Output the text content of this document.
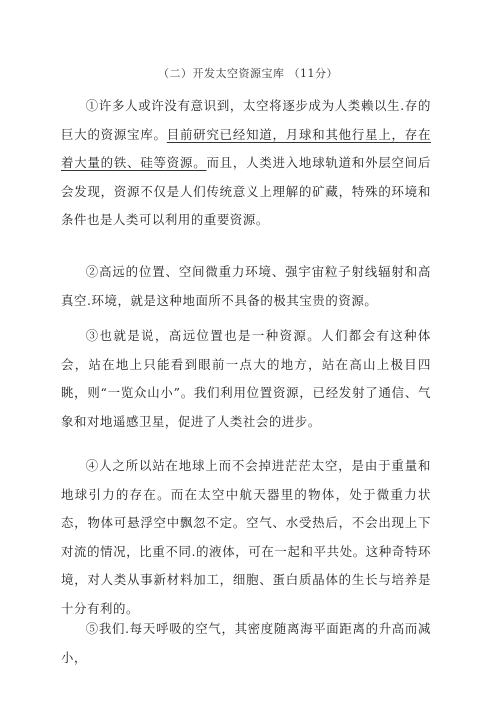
（二）开发太空资源宝库 （11分）
①许多人或许没有意识到，太空将逐步成为人类赖以生.存的巨大的资源宝库。目前研究已经知道，月球和其他行星上，存在着大量的铁、硅等资源。而且，人类进入地球轨道和外层空间后会发现，资源不仅是人们传统意义上理解的矿藏，特殊的环境和条件也是人类可以利用的重要资源。
②高远的位置、空间微重力环境、强宇宙粒子射线辐射和高真空.环境，就是这种地面所不具备的极其宝贵的资源。
③也就是说，高远位置也是一种资源。人们都会有这种体会，站在地上只能看到眼前一点大的地方，站在高山上极目四眺，则“一览众山小”。我们利用位置资源，已经发射了通信、气象和对地遥感卫星，促进了人类社会的进步。
④人之所以站在地球上而不会掉进茫茫太空，是由于重量和地球引力的存在。而在太空中航天器里的物体，处于微重力状态，物体可悬浮空中飘忽不定。空气、水受热后，不会出现上下对流的情况，比重不同.的液体，可在一起和平共处。这种奇特环境，对人类从事新材料加工，细胞、蛋白质晶体的生长与培养是十分有利的。
⑤我们.每天呼吸的空气，其密度随离海平面距离的升高而减小，
